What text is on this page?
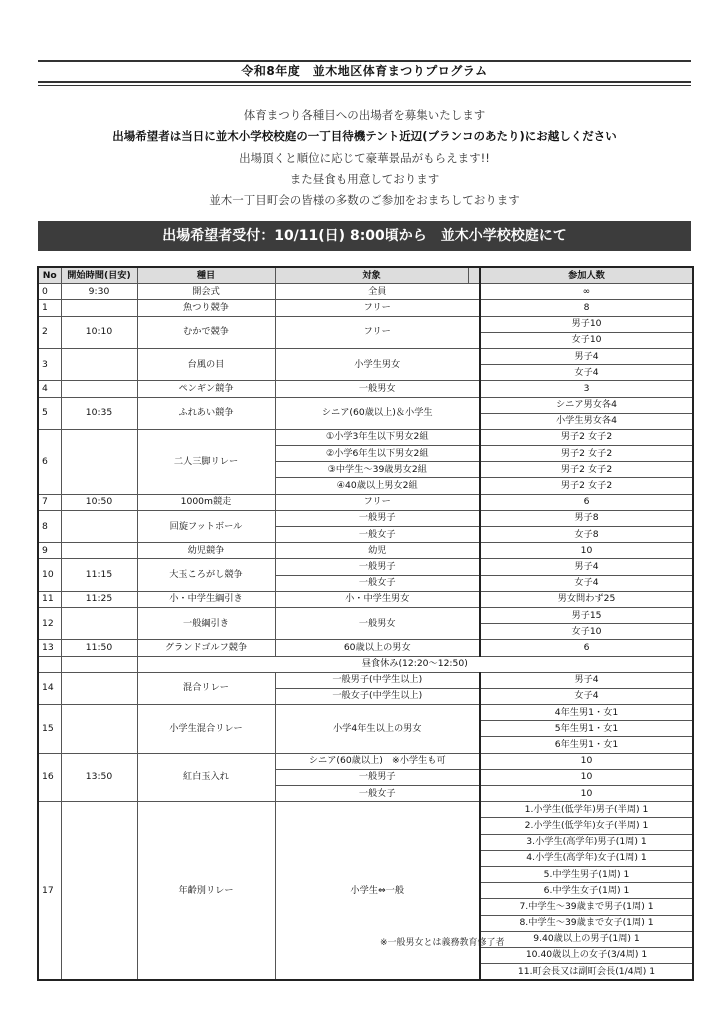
令和8年度　並木地区体育まつりプログラム
体育まつり各種目への出場者を募集いたします
出場希望者は当日に並木小学校校庭の一丁目待機テント近辺(ブランコのあたり)にお越しください
出場頂くと順位に応じて豪華景品がもらえます!!
また昼食も用意しております
並木一丁目町会の皆様の多数のご参加をおまちしております
出場希望者受付：10/11(日) 8:00頃から　並木小学校校庭にて
No	開始時間(目安)	種目	対象		参加人数
0	9:30	開会式	全員		∞
1		魚つり競争	フリー		8
2	10:10	むかで競争	フリー		男子10
					女子10
3		台風の目	小学生男女		男子4
					女子4
4		ペンギン競争	一般男女		3
5	10:35	ふれあい競争	シニア(60歳以上)＆小学生		シニア男女各4
					小学生男女各4
6		二人三脚リレー	①小学3年生以下男女2組		男子2 女子2
			②小学6年生以下男女2組		男子2 女子2
			③中学生～39歳男女2組		男子2 女子2
			④40歳以上男女2組		男子2 女子2
7	10:50	1000m競走	フリー		6
8		回旋フットボール	一般男子		男子8
			一般女子		女子8
9		幼児競争	幼児		10
10	11:15	大玉ころがし競争	一般男子		男子4
			一般女子		女子4
11	11:25	小・中学生綱引き	小・中学生男女		男女問わず25
12		一般綱引き	一般男女		男子15
					女子10
13	11:50	グランドゴルフ競争	60歳以上の男女		6
		昼食休み(12:20～12:50)			
14		混合リレー	一般男子(中学生以上)		男子4
			一般女子(中学生以上)		女子4
15		小学生混合リレー	小学4年生以上の男女		4年生男1・女1
					5年生男1・女1
					6年生男1・女1
16	13:50	紅白玉入れ	シニア(60歳以上)　※小学生も可		10
			一般男子		10
			一般女子		10
17		年齢別リレー	小学生⇔一般		1.小学生(低学年)男子(半周) 1
					2.小学生(低学年)女子(半周) 1
					3.小学生(高学年)男子(1周) 1
					4.小学生(高学年)女子(1周) 1
					5.中学生男子(1周) 1
					6.中学生女子(1周) 1
					7.中学生～39歳まで男子(1周) 1
					8.中学生～39歳まで女子(1周) 1
					9.40歳以上の男子(1周) 1
					10.40歳以上の女子(3/4周) 1
					11.町会長又は副町会長(1/4周) 1
※一般男女とは義務教育修了者
